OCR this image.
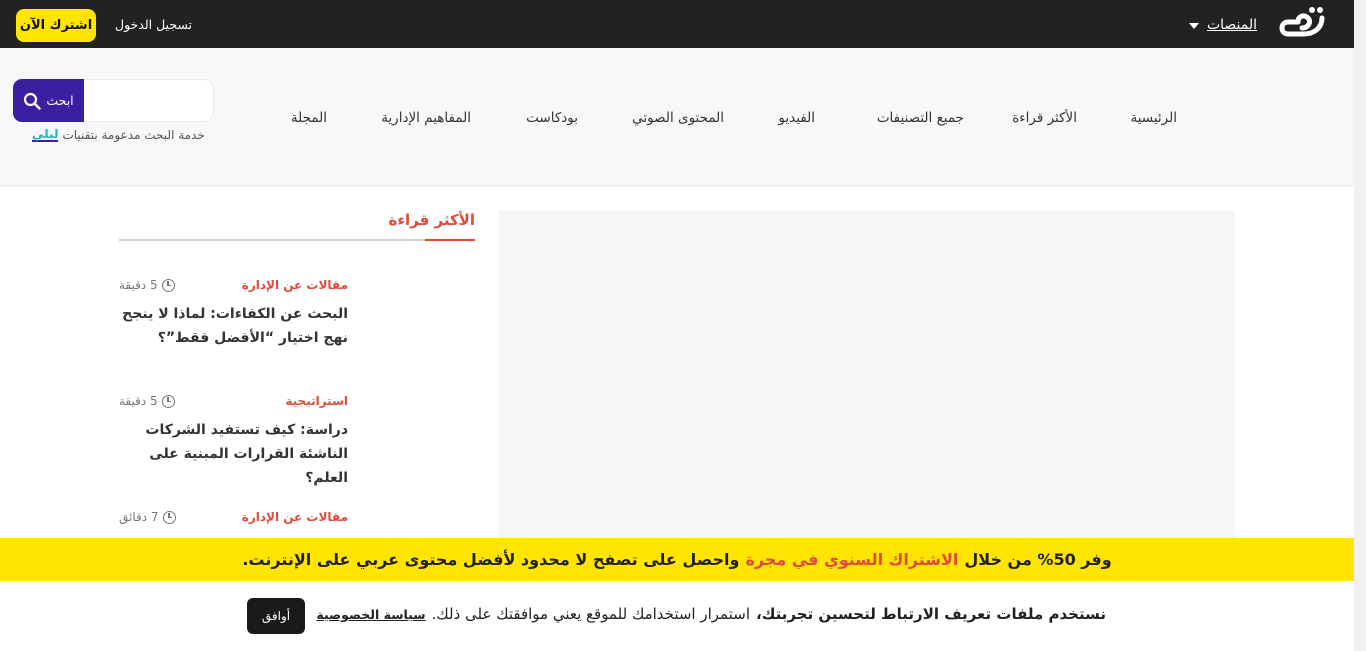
المنصات
تسجيل الدخول
اشترك الآن
الرئيسية
الأكثر قراءة
جميع التصنيفات
الفيديو
المحتوى الصوتي
بودكاست
المفاهيم الإدارية
المجلة
ابحث
خدمة البحث مدعومة بتقنيات
لبلي
الأكثر قراءة
مقالات عن الإدارة
5 دقيقة
البحث عن الكفاءات: لماذا لا ينجح نهج اختيار “الأفضل فقط”؟
استراتيجية
5 دقيقة
دراسة: كيف تستفيد الشركات الناشئة القرارات المبنية على العلم؟
مقالات عن الإدارة
7 دقائق
وفر 50% من خلال
الاشتراك السنوي في مجرة
واحصل على تصفح لا محدود لأفضل محتوى عربي على الإنترنت.
نستخدم ملفات تعريف الارتباط لتحسين تجربتك،
استمرار استخدامك للموقع يعني موافقتك على ذلك.
سياسة الخصوصية
أوافق
